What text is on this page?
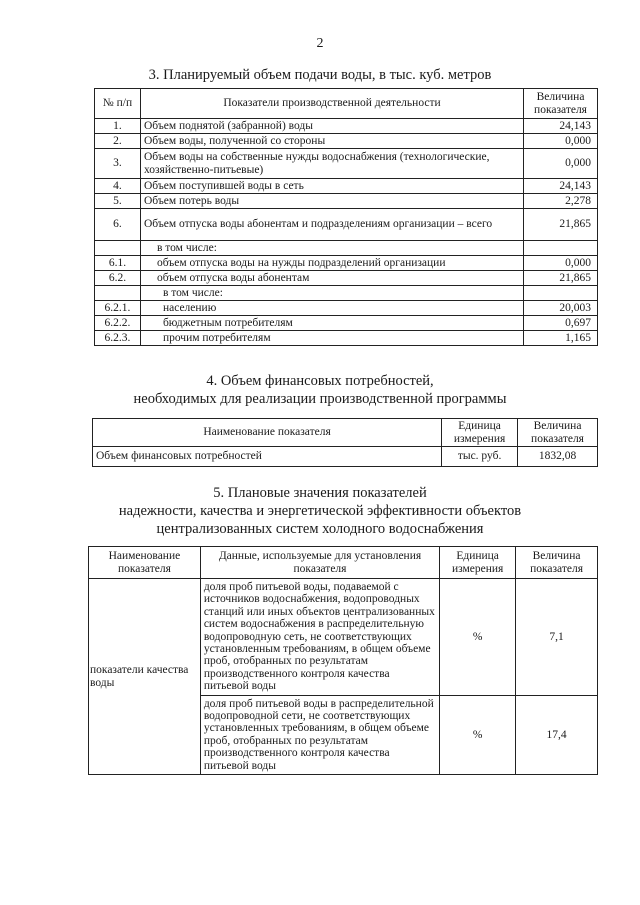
2
3. Планируемый объем подачи воды, в тыс. куб. метров
№ п/п	Показатели производственной деятельности	Величина показателя
1.	Объем поднятой (забранной) воды	24,143
2.	Объем воды, полученной со стороны	0,000
3.	Объем воды на собственные нужды водоснабжения (технологические, хозяйственно-питьевые)	0,000
4.	Объем поступившей воды в сеть	24,143
5.	Объем потерь воды	2,278
6.	Объем отпуска воды абонентам и подразделениям организации – всего	21,865
	в том числе:	
6.1.	объем отпуска воды на нужды подразделений организации	0,000
6.2.	объем отпуска воды абонентам	21,865
	в том числе:	
6.2.1.	населению	20,003
6.2.2.	бюджетным потребителям	0,697
6.2.3.	прочим потребителям	1,165
4. Объем финансовых потребностей,
необходимых для реализации производственной программы
Наименование показателя	Единица измерения	Величина показателя
Объем финансовых потребностей	тыс. руб.	1832,08
5. Плановые значения показателей
надежности, качества и энергетической эффективности объектов
централизованных систем холодного водоснабжения
Наименование показателя	Данные, используемые для установления показателя	Единица измерения	Величина показателя
показатели качества воды	доля проб питьевой воды, подаваемой с источников водоснабжения, водопроводных станций или иных объектов централизованных систем водоснабжения в распределительную водопроводную сеть, не соответствующих установленным требованиям, в общем объеме проб, отобранных по результатам производственного контроля качества питьевой воды	%	7,1
	доля проб питьевой воды в распределительной водопроводной сети, не соответствующих установленных требованиям, в общем объеме проб, отобранных по результатам производственного контроля качества питьевой воды	%	17,4
